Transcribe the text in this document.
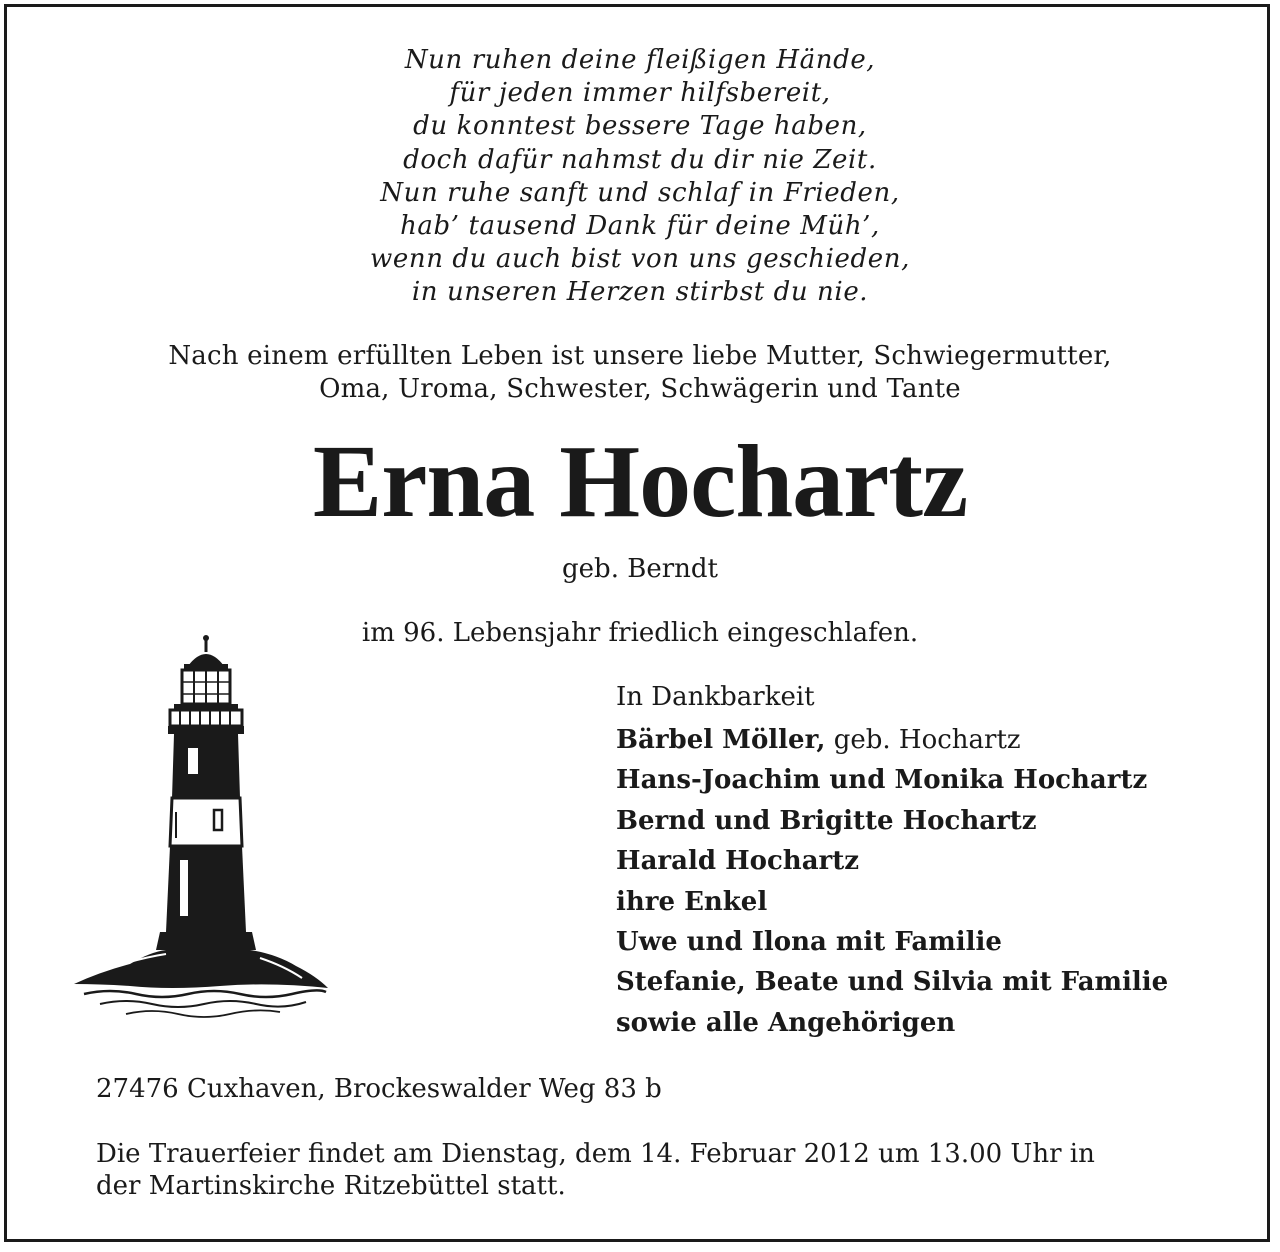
Nun ruhen deine fleißigen Hände,
für jeden immer hilfsbereit,
du konntest bessere Tage haben,
doch dafür nahmst du dir nie Zeit.
Nun ruhe sanft und schlaf in Frieden,
hab’ tausend Dank für deine Müh’,
wenn du auch bist von uns geschieden,
in unseren Herzen stirbst du nie.
Nach einem erfüllten Leben ist unsere liebe Mutter, Schwiegermutter,
Oma, Uroma, Schwester, Schwägerin und Tante
Erna Hochartz
geb. Berndt
im 96. Lebensjahr friedlich eingeschlafen.
In Dankbarkeit
Bärbel Möller, geb. Hochartz
Hans-Joachim und Monika Hochartz
Bernd und Brigitte Hochartz
Harald Hochartz
ihre Enkel
Uwe und Ilona mit Familie
Stefanie, Beate und Silvia mit Familie
sowie alle Angehörigen
27476 Cuxhaven, Brockeswalder Weg 83 b
Die Trauerfeier findet am Dienstag, dem 14. Februar 2012 um 13.00 Uhr in
der Martinskirche Ritzebüttel statt.
